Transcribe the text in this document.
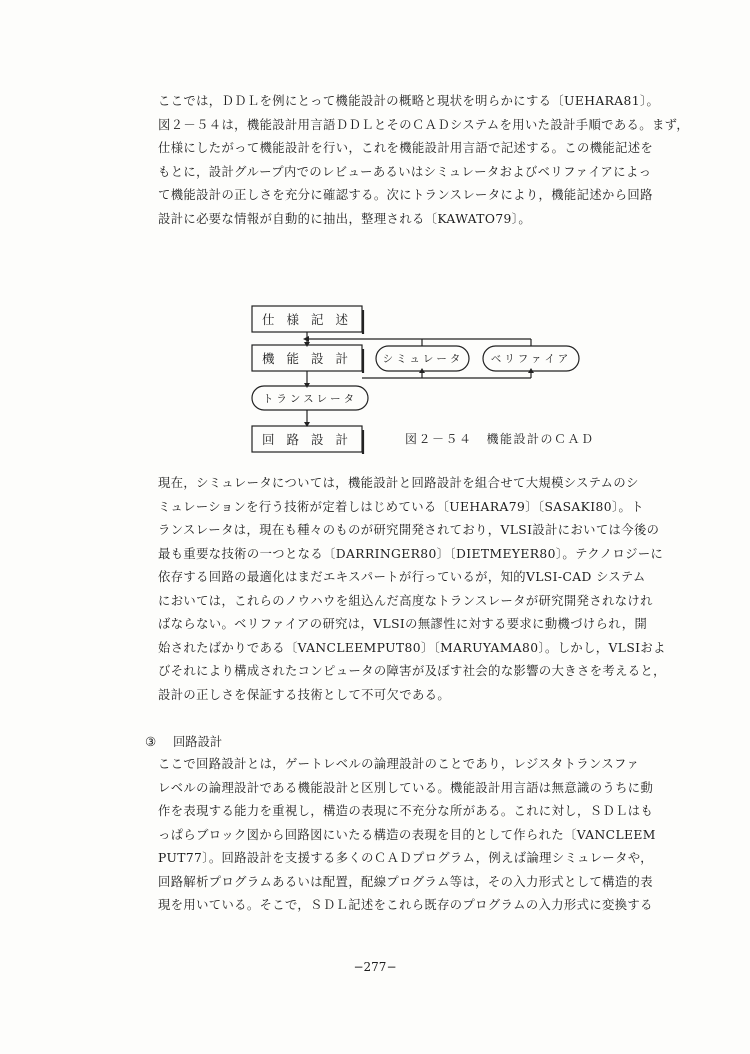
ここでは，ＤＤＬを例にとって機能設計の概略と現状を明らかにする〔UEHARA81〕。
図２－５４は，機能設計用言語ＤＤＬとそのＣＡＤシステムを用いた設計手順である。まず，
仕様にしたがって機能設計を行い，これを機能設計用言語で記述する。この機能記述を
もとに，設計グループ内でのレビューあるいはシミュレータおよびベリファイアによっ
て機能設計の正しさを充分に確認する。次にトランスレータにより，機能記述から回路
設計に必要な情報が自動的に抽出，整理される〔KAWATO79〕。
仕 様 記 述
機 能 設 計	シミュレータ	ベリファイア
トランスレータ
回 路 設 計	図２－５４ 機能設計のＣＡＤ
現在，シミュレータについては，機能設計と回路設計を組合せて大規模システムのシ
ミュレーションを行う技術が定着しはじめている〔UEHARA79〕〔SASAKI80〕。ト
ランスレータは，現在も種々のものが研究開発されており，VLSI設計においては今後の
最も重要な技術の一つとなる〔DARRINGER80〕〔DIETMEYER80〕。テクノロジーに
依存する回路の最適化はまだエキスパートが行っているが，知的VLSI-CAD システム
においては，これらのノウハウを組込んだ高度なトランスレータが研究開発されなけれ
ばならない。ベリファイアの研究は，VLSIの無謬性に対する要求に動機づけられ，開
始されたばかりである〔VANCLEEMPUT80〕〔MARUYAMA80〕。しかし，VLSIおよ
びそれにより構成されたコンピュータの障害が及ぼす社会的な影響の大きさを考えると，
設計の正しさを保証する技術として不可欠である。
③ 回路設計
ここで回路設計とは，ゲートレベルの論理設計のことであり，レジスタトランスファ
レベルの論理設計である機能設計と区別している。機能設計用言語は無意識のうちに動
作を表現する能力を重視し，構造の表現に不充分な所がある。これに対し，ＳＤＬはも
っぱらブロック図から回路図にいたる構造の表現を目的として作られた〔VANCLEEM
PUT77〕。回路設計を支援する多くのＣＡＤプログラム，例えば論理シミュレータや，
回路解析プログラムあるいは配置，配線プログラム等は，その入力形式として構造的表
現を用いている。そこで，ＳＤＬ記述をこれら既存のプログラムの入力形式に変換する
−277−
